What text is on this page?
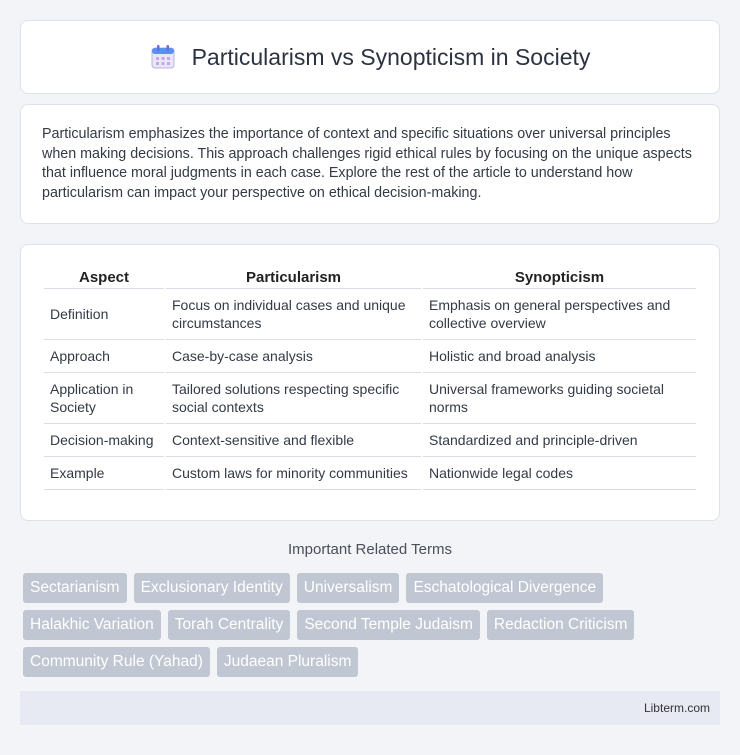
Particularism vs Synopticism in Society

Particularism emphasizes the importance of context and specific situations over universal principles when making decisions. This approach challenges rigid ethical rules by focusing on the unique aspects that influence moral judgments in each case. Explore the rest of the article to understand how particularism can impact your perspective on ethical decision-making.

Aspect	Particularism	Synopticism
Definition	Focus on individual cases and unique circumstances	Emphasis on general perspectives and collective overview
Approach	Case-by-case analysis	Holistic and broad analysis
Application in Society	Tailored solutions respecting specific social contexts	Universal frameworks guiding societal norms
Decision-making	Context-sensitive and flexible	Standardized and principle-driven
Example	Custom laws for minority communities	Nationwide legal codes
Important Related Terms
Sectarianism	Exclusionary Identity	Universalism	Eschatological Divergence
Halakhic Variation	Torah Centrality	Second Temple Judaism	Redaction Criticism
Community Rule (Yahad)	Judaean Pluralism
Libterm.com
